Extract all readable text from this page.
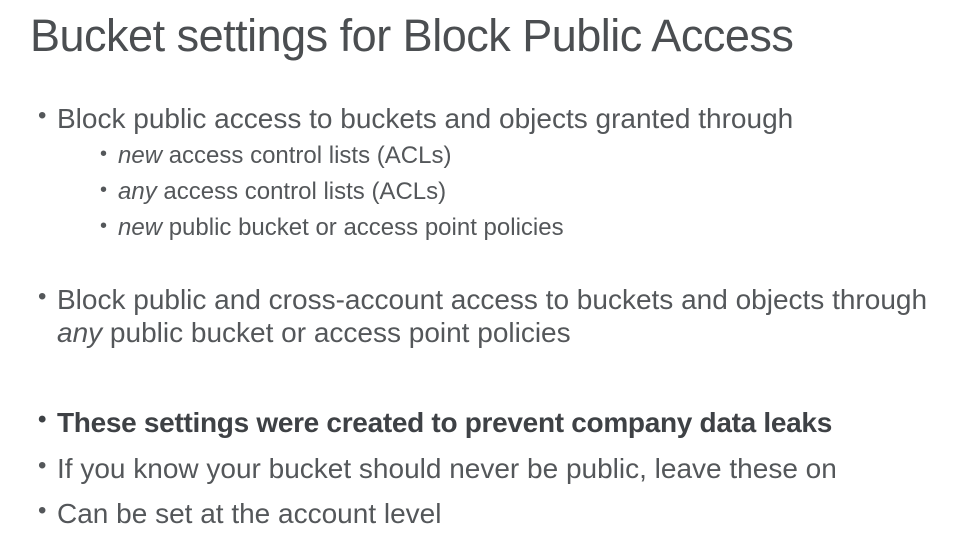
Bucket settings for Block Public Access
• Block public access to buckets and objects granted through
• new access control lists (ACLs)
• any access control lists (ACLs)
• new public bucket or access point policies
• Block public and cross-account access to buckets and objects through any public bucket or access point policies
• These settings were created to prevent company data leaks
• If you know your bucket should never be public, leave these on
• Can be set at the account level
